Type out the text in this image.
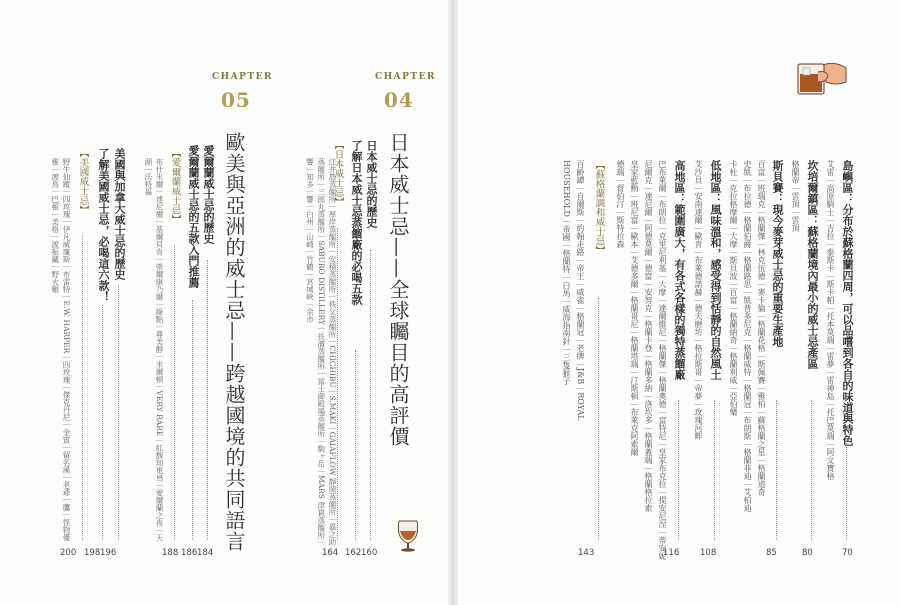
CHAPTER
05
CHAPTER
04
日本威士忌——全球矚目的高評價
日本威士忌的歷史
了解日本威士忌蒸餾廠的必喝五款
【日本威士忌】
江井島蒸餾所｜厚岸蒸餾所｜安積蒸餾所｜秩父蒸餾所｜CHICHIBU｜S.MAKI｜GAIAFLOW 靜岡蒸餾所｜嘉之助蒸餾所｜三郎丸蒸餾所｜SABURO DISTILLERY｜長濱蒸餾所｜富士御殿場蒸餾所｜駒ヶ岳｜MARS 津貫蒸餾所｜響｜知多｜響｜白州｜山崎｜竹鶴｜宮城峽｜余市
160
162
164
歐美與亞洲的威士忌——跨越國境的共同語言
愛爾蘭威士忌的歷史
愛爾蘭威士忌的五款入門推薦
【愛爾蘭威士忌】
布什米爾｜達尼爾｜基爾貝肯｜蒂爾康乃爾｜綠點｜尊美醇｜米爾頓｜VERY RARE｜紅馥知更鳥｜愛爾蘭之夜｜天湖｜沃特福
美國與加拿大威士忌的歷史
了解美國威士忌，必喝這六款！
【美國威士忌】
野牛仙蹤｜四玫瑰｜伊凡威廉斯｜布雷特｜E.W. HARPER｜四玫瑰｜傑克丹尼｜金賓｜留名溪｜老爺｜鷹｜怪物優雅｜渡鳥｜巴頓｜美格｜渡振藏｜野火雞
184
186
188
196
198
200
島嶼區：分布於蘇格蘭四周，可以品嚐到各自的味道與特色
艾雷｜高原騎士｜吉拉｜泰斯卡｜斯卡帕｜托本莫瑞｜雷夢｜雷神島｜托巴莫瑞｜阿文寶格
70
坎培爾鎮區：蘇格蘭境內最小的威士忌產區
格蘭帝｜雲頂｜雲頂
80
斯貝賽：現今麥芽威士忌的重要生產地
百富｜班瑞克｜格蘭傑｜林克伍德｜麥卡倫｜格蘭花格｜斯佩賽｜雅柏｜蘇格蘭之星｜格蘭道奇
史凱｜布拉德｜格蘭伯爵｜格蘭路思｜凱普多尼克｜格蘭威特｜格蘭冠｜布朗斯｜格蘭菲迪｜艾柏迪
卡杜｜克拉格摩爾｜大摩｜斯貝波｜百富｜格蘭納奇｜格蘭利威｜亞伯樂
85
低地區：風味溫和，感受得到恬靜的自然風土
艾沙貝｜安南達爾｜歐肯｜布萊德諾赫｜德夫磨坊｜格拉斯哥｜帝夢｜玫瑰河畔
108
高地區：範圍廣大，有各式各樣的獨特蒸餾廠
巴布萊爾｜布朗拉｜克里尼利基｜大摩｜達爾維尼｜格蘭傑｜格蘭奧德｜富特尼｜皇家布克拉｜提安尼涅｜蒂安妮
尼爾克｜達尼爾｜阿德莫爾｜德富｜安努克｜格蘭卡登｜格蘭多納｜洛坎多｜格蘭蓋瑞｜格蘭格拉索
皇家藍勳｜班尼富｜歐本｜艾德多爾｜格蘭哥尼｜格蘭塔瑞｜汀斯頓｜布萊克阿索爾
德瑞｜督伯汀｜斯特拉森
116
【蘇格蘭調和威士忌】
百齡罈｜自爾斯｜約翰走路｜帝王｜威雀｜格蘭冠｜老牌｜J&B｜ROYAL
HOUSEHOLD｜帝國｜格蘭特｜白馬｜威海指南針｜三隻猴子
143
